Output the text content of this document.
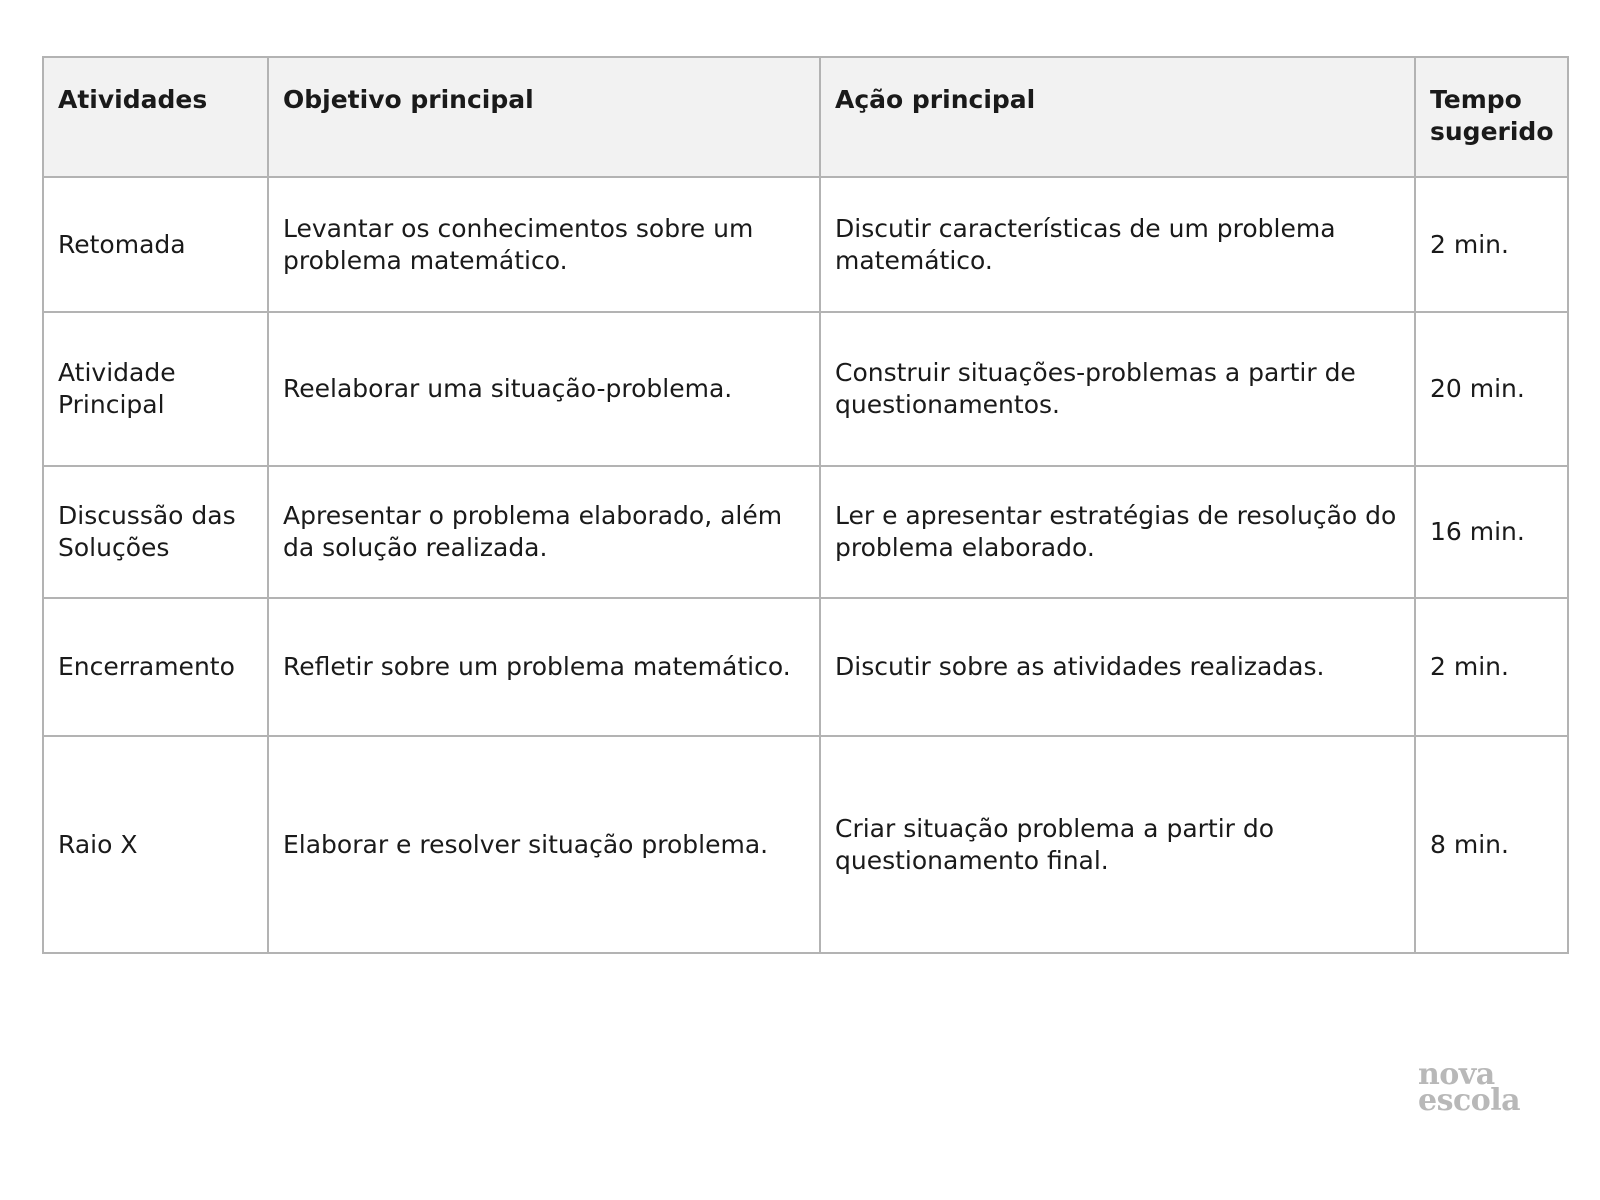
Atividades	Objetivo principal	Ação principal	Tempo sugerido
Retomada	Levantar os conhecimentos sobre um problema matemático.	Discutir características de um problema matemático.	2 min.
Atividade Principal	Reelaborar uma situação-problema.	Construir situações-problemas a partir de questionamentos.	20 min.
Discussão das Soluções	Apresentar o problema elaborado, além da solução realizada.	Ler e apresentar estratégias de resolução do problema elaborado.	16 min.
Encerramento	Refletir sobre um problema matemático.	Discutir sobre as atividades realizadas.	2 min.
Raio X	Elaborar e resolver situação problema.	Criar situação problema a partir do questionamento final.	8 min.
nova
escola
